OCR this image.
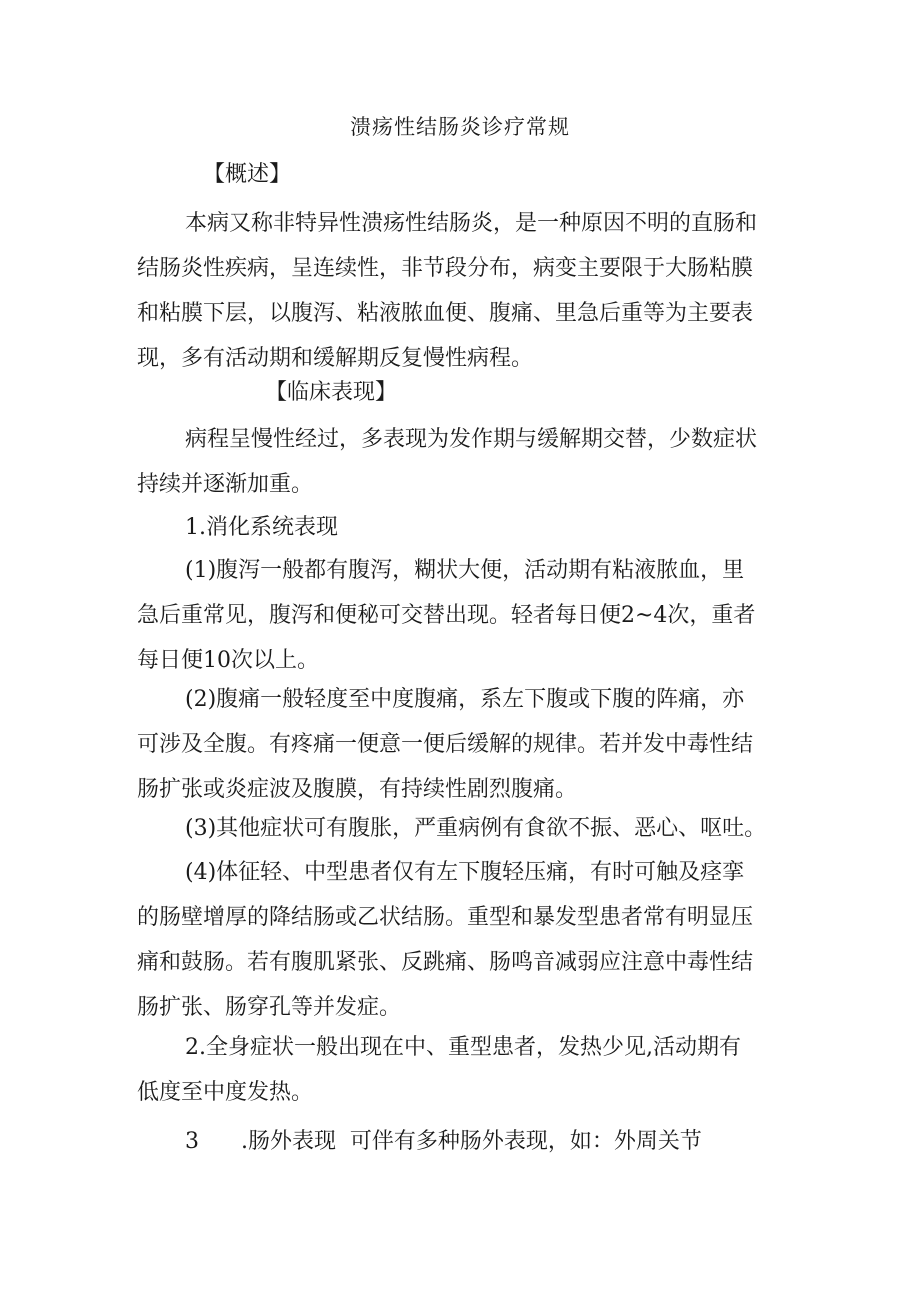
溃疡性结肠炎诊疗常规
【概述】
本病又称非特异性溃疡性结肠炎，是一种原因不明的直肠和
结肠炎性疾病，呈连续性，非节段分布，病变主要限于大肠粘膜
和粘膜下层，以腹泻、粘液脓血便、腹痛、里急后重等为主要表
现，多有活动期和缓解期反复慢性病程。
【临床表现】
病程呈慢性经过，多表现为发作期与缓解期交替，少数症状
持续并逐渐加重。
1.消化系统表现
(1)腹泻一般都有腹泻，糊状大便，活动期有粘液脓血，里
急后重常见，腹泻和便秘可交替出现。轻者每日便2~4次，重者
每日便10次以上。
(2)腹痛一般轻度至中度腹痛，系左下腹或下腹的阵痛，亦
可涉及全腹。有疼痛一便意一便后缓解的规律。若并发中毒性结
肠扩张或炎症波及腹膜，有持续性剧烈腹痛。
(3)其他症状可有腹胀，严重病例有食欲不振、恶心、呕吐。
(4)体征轻、中型患者仅有左下腹轻压痛，有时可触及痉挛
的肠壁增厚的降结肠或乙状结肠。重型和暴发型患者常有明显压
痛和鼓肠。若有腹肌紧张、反跳痛、肠鸣音减弱应注意中毒性结
肠扩张、肠穿孔等并发症。
2.全身症状一般出现在中、重型患者，发热少见,活动期有
低度至中度发热。
3      .肠外表现  可伴有多种肠外表现，如：外周关节
